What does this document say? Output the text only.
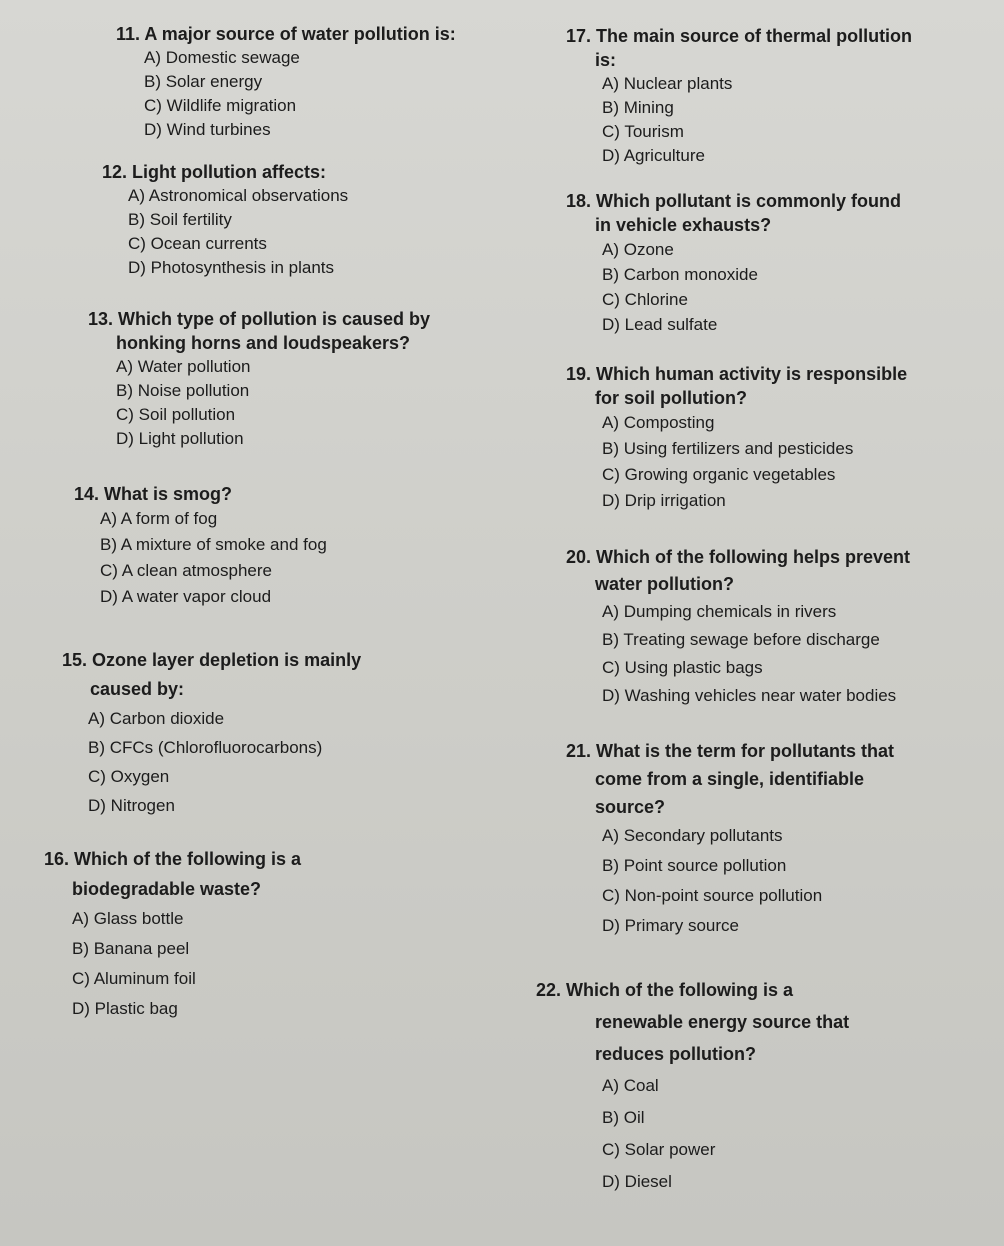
11. A major source of water pollution is:

A) Domestic sewage
B) Solar energy
C) Wildlife migration
D) Wind turbines

12. Light pollution affects:

A) Astronomical observations
B) Soil fertility
C) Ocean currents
D) Photosynthesis in plants

13. Which type of pollution is caused by

honking horns and loudspeakers?

A) Water pollution
B) Noise pollution
C) Soil pollution
D) Light pollution

14. What is smog?

A) A form of fog
B) A mixture of smoke and fog
C) A clean atmosphere
D) A water vapor cloud

15. Ozone layer depletion is mainly

caused by:

A) Carbon dioxide
B) CFCs (Chlorofluorocarbons)
C) Oxygen
D) Nitrogen

16. Which of the following is a

biodegradable waste?

A) Glass bottle
B) Banana peel
C) Aluminum foil
D) Plastic bag

17. The main source of thermal pollution

is:

A) Nuclear plants
B) Mining
C) Tourism
D) Agriculture

18. Which pollutant is commonly found

in vehicle exhausts?

A) Ozone
B) Carbon monoxide
C) Chlorine
D) Lead sulfate

19. Which human activity is responsible

for soil pollution?

A) Composting
B) Using fertilizers and pesticides
C) Growing organic vegetables
D) Drip irrigation

20. Which of the following helps prevent

water pollution?

A) Dumping chemicals in rivers
B) Treating sewage before discharge
C) Using plastic bags
D) Washing vehicles near water bodies

21. What is the term for pollutants that

come from a single, identifiable

source?

A) Secondary pollutants
B) Point source pollution
C) Non-point source pollution
D) Primary source

22. Which of the following is a

renewable energy source that

reduces pollution?

A) Coal
B) Oil
C) Solar power
D) Diesel
